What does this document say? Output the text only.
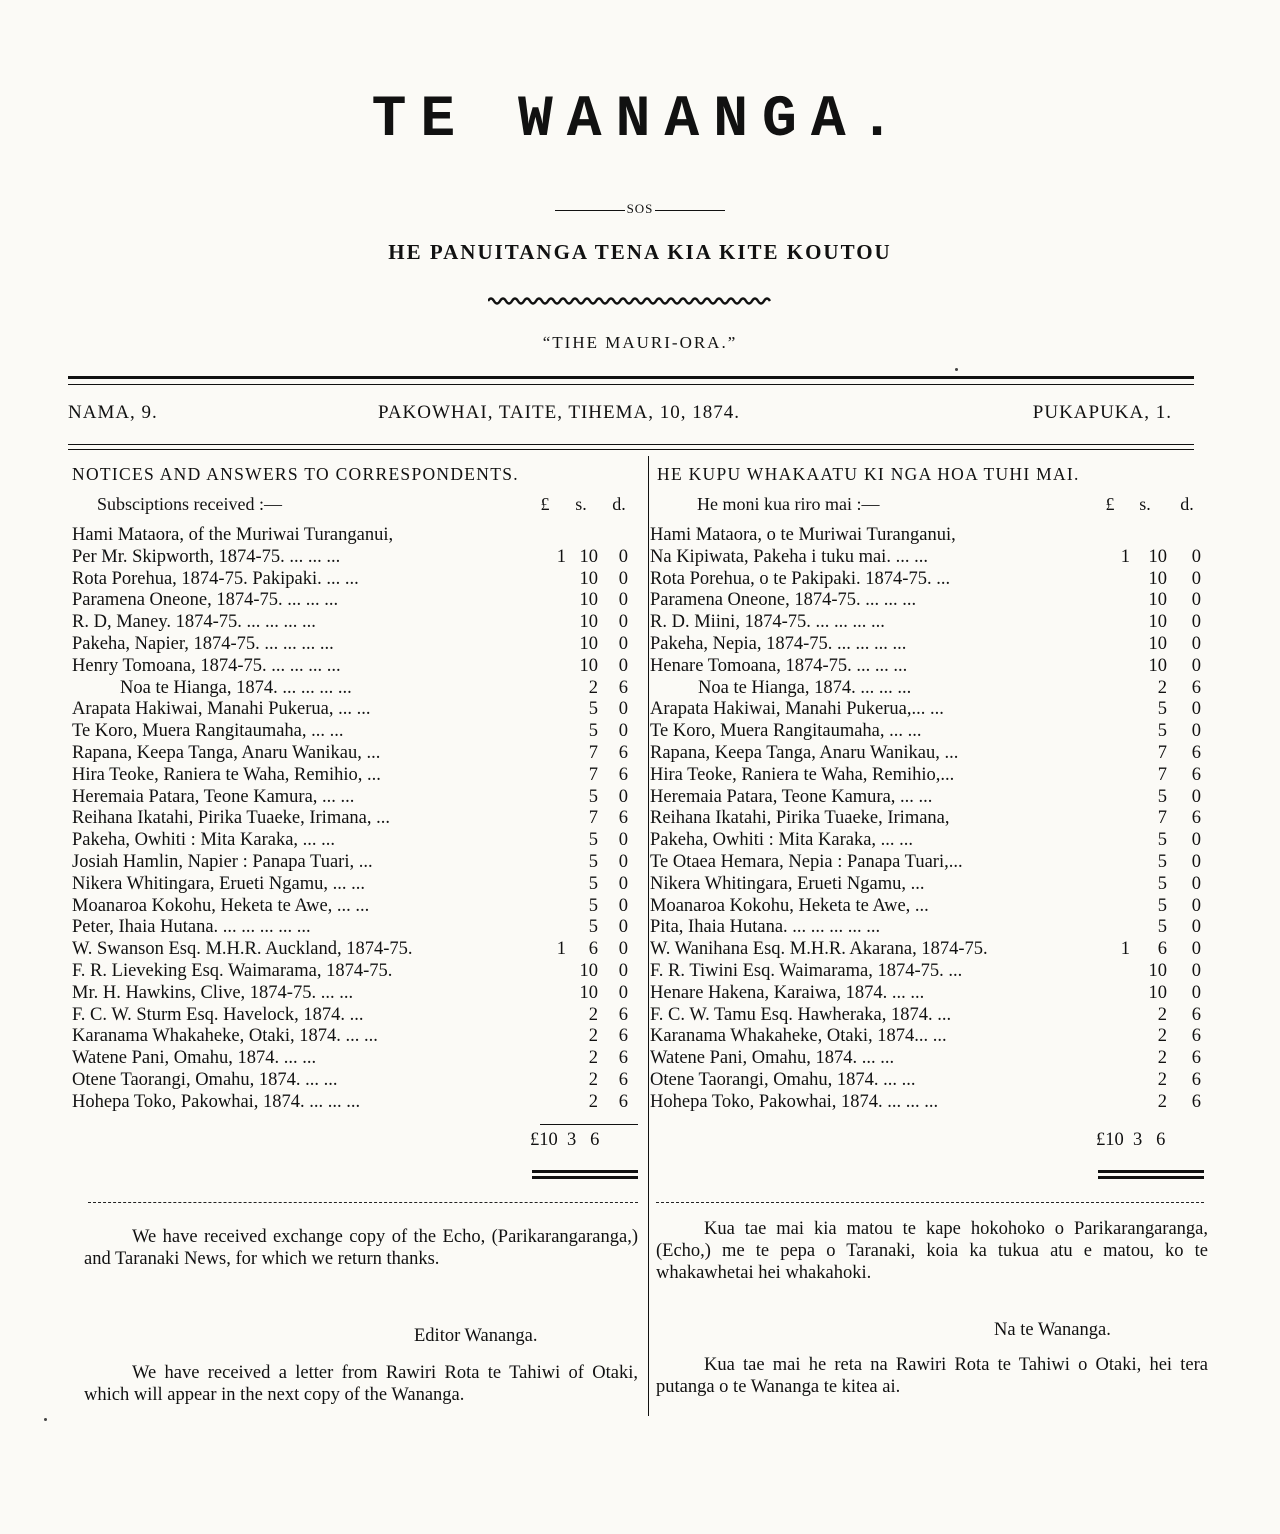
TE WANANGA.
SOS
HE PANUITANGA TENA KIA KITE KOUTOU
“TIHE MAURI-ORA.”
NAMA, 9.	PAKOWHAI, TAITE, TIHEMA, 10, 1874.	PUKAPUKA, 1.
NOTICES AND ANSWERS TO CORRESPONDENTS.
Subsciptions received :—	£	s. d.
Hami Mataora, of the Muriwai Turanganui,
Per Mr. Skipworth, 1874-75. ... ... ...	1 10 0
Rota Porehua, 1874-75. Pakipaki. ... ...	10 0
Paramena Oneone, 1874-75. ... ... ...	10 0
R. D, Maney. 1874-75. ... ... ... ...	10 0
Pakeha, Napier, 1874-75. ... ... ... ...	10 0
Henry Tomoana, 1874-75. ... ... ... ...	10 0
Noa te Hianga, 1874. ... ... ... ...	2 6
Arapata Hakiwai, Manahi Pukerua, ... ...	5 0
Te Koro, Muera Rangitaumaha, ... ...	5 0
Rapana, Keepa Tanga, Anaru Wanikau, ...	7 6
Hira Teoke, Raniera te Waha, Remihio, ...	7 6
Heremaia Patara, Teone Kamura, ... ...	5 0
Reihana Ikatahi, Pirika Tuaeke, Irimana, ...	7 6
Pakeha, Owhiti : Mita Karaka, ... ...	5 0
Josiah Hamlin, Napier : Panapa Tuari, ...	5 0
Nikera Whitingara, Erueti Ngamu, ... ...	5 0
Moanaroa Kokohu, Heketa te Awe, ... ...	5 0
Peter, Ihaia Hutana. ... ... ... ... ...	5 0
W. Swanson Esq. M.H.R. Auckland, 1874-75.	1 6 0
F. R. Lieveking Esq. Waimarama, 1874-75.	10 0
Mr. H. Hawkins, Clive, 1874-75. ... ...	10 0
F. C. W. Sturm Esq. Havelock, 1874. ...	2 6
Karanama Whakaheke, Otaki, 1874. ... ...	2 6
Watene Pani, Omahu, 1874. ... ...	2 6
Otene Taorangi, Omahu, 1874. ... ...	2 6
Hohepa Toko, Pakowhai, 1874. ... ... ...	2 6
£10 3 6
We have received exchange copy of the Echo, (Parikarangaranga,) and Taranaki News, for which we return thanks.
Editor Wananga.
We have received a letter from Rawiri Rota te Tahiwi of Otaki, which will appear in the next copy of the Wananga.
HE KUPU WHAKAATU KI NGA HOA TUHI MAI.
He moni kua riro mai :—	£	s. d.
Hami Mataora, o te Muriwai Turanganui,
Na Kipiwata, Pakeha i tuku mai. ... ...	1 10 0
Rota Porehua, o te Pakipaki. 1874-75. ...	10 0
Paramena Oneone, 1874-75. ... ... ...	10 0
R. D. Miini, 1874-75. ... ... ... ...	10 0
Pakeha, Nepia, 1874-75. ... ... ... ...	10 0
Henare Tomoana, 1874-75. ... ... ...	10 0
Noa te Hianga, 1874. ... ... ...	2 6
Arapata Hakiwai, Manahi Pukerua,... ...	5 0
Te Koro, Muera Rangitaumaha, ... ...	5 0
Rapana, Keepa Tanga, Anaru Wanikau, ...	7 6
Hira Teoke, Raniera te Waha, Remihio,...	7 6
Heremaia Patara, Teone Kamura, ... ...	5 0
Reihana Ikatahi, Pirika Tuaeke, Irimana,	7 6
Pakeha, Owhiti : Mita Karaka, ... ...	5 0
Te Otaea Hemara, Nepia : Panapa Tuari,...	5 0
Nikera Whitingara, Erueti Ngamu, ...	5 0
Moanaroa Kokohu, Heketa te Awe, ...	5 0
Pita, Ihaia Hutana. ... ... ... ... ...	5 0
W. Wanihana Esq. M.H.R. Akarana, 1874-75.	1 6 0
F. R. Tiwini Esq. Waimarama, 1874-75. ...	10 0
Henare Hakena, Karaiwa, 1874. ... ...	10 0
F. C. W. Tamu Esq. Hawheraka, 1874. ...	2 6
Karanama Whakaheke, Otaki, 1874... ...	2 6
Watene Pani, Omahu, 1874. ... ...	2 6
Otene Taorangi, Omahu, 1874. ... ...	2 6
Hohepa Toko, Pakowhai, 1874. ... ... ...	2 6
£10 3 6
Kua tae mai kia matou te kape hokohoko o Parikarangaranga, (Echo,) me te pepa o Taranaki, koia ka tukua atu e matou, ko te whakawhetai hei whakahoki.
Na te Wananga.
Kua tae mai he reta na Rawiri Rota te Tahiwi o Otaki, hei tera putanga o te Wananga te kitea ai.
